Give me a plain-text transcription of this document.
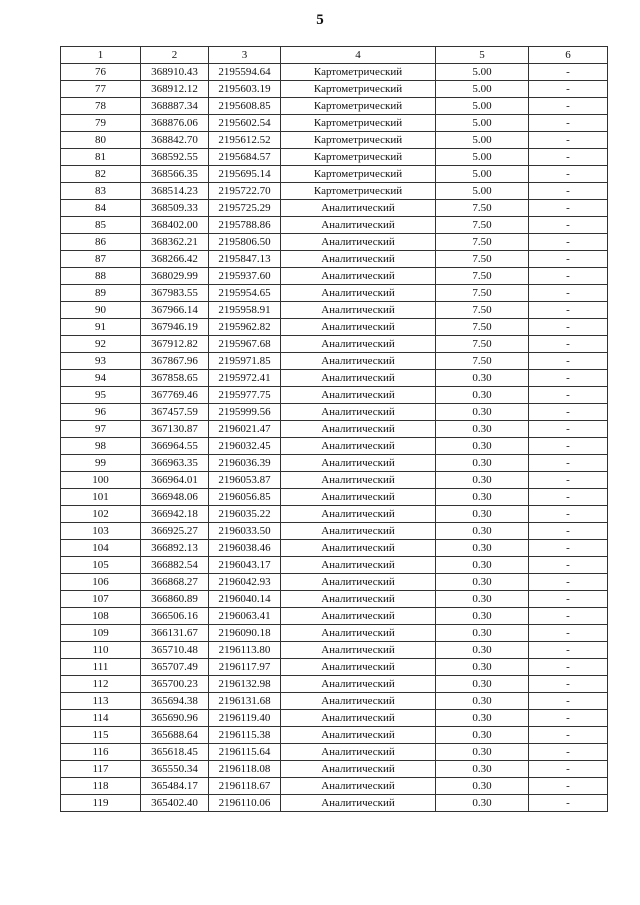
5
1	2	3	4	5	6
76	368910.43	2195594.64	Картометрический	5.00	-
77	368912.12	2195603.19	Картометрический	5.00	-
78	368887.34	2195608.85	Картометрический	5.00	-
79	368876.06	2195602.54	Картометрический	5.00	-
80	368842.70	2195612.52	Картометрический	5.00	-
81	368592.55	2195684.57	Картометрический	5.00	-
82	368566.35	2195695.14	Картометрический	5.00	-
83	368514.23	2195722.70	Картометрический	5.00	-
84	368509.33	2195725.29	Аналитический	7.50	-
85	368402.00	2195788.86	Аналитический	7.50	-
86	368362.21	2195806.50	Аналитический	7.50	-
87	368266.42	2195847.13	Аналитический	7.50	-
88	368029.99	2195937.60	Аналитический	7.50	-
89	367983.55	2195954.65	Аналитический	7.50	-
90	367966.14	2195958.91	Аналитический	7.50	-
91	367946.19	2195962.82	Аналитический	7.50	-
92	367912.82	2195967.68	Аналитический	7.50	-
93	367867.96	2195971.85	Аналитический	7.50	-
94	367858.65	2195972.41	Аналитический	0.30	-
95	367769.46	2195977.75	Аналитический	0.30	-
96	367457.59	2195999.56	Аналитический	0.30	-
97	367130.87	2196021.47	Аналитический	0.30	-
98	366964.55	2196032.45	Аналитический	0.30	-
99	366963.35	2196036.39	Аналитический	0.30	-
100	366964.01	2196053.87	Аналитический	0.30	-
101	366948.06	2196056.85	Аналитический	0.30	-
102	366942.18	2196035.22	Аналитический	0.30	-
103	366925.27	2196033.50	Аналитический	0.30	-
104	366892.13	2196038.46	Аналитический	0.30	-
105	366882.54	2196043.17	Аналитический	0.30	-
106	366868.27	2196042.93	Аналитический	0.30	-
107	366860.89	2196040.14	Аналитический	0.30	-
108	366506.16	2196063.41	Аналитический	0.30	-
109	366131.67	2196090.18	Аналитический	0.30	-
110	365710.48	2196113.80	Аналитический	0.30	-
111	365707.49	2196117.97	Аналитический	0.30	-
112	365700.23	2196132.98	Аналитический	0.30	-
113	365694.38	2196131.68	Аналитический	0.30	-
114	365690.96	2196119.40	Аналитический	0.30	-
115	365688.64	2196115.38	Аналитический	0.30	-
116	365618.45	2196115.64	Аналитический	0.30	-
117	365550.34	2196118.08	Аналитический	0.30	-
118	365484.17	2196118.67	Аналитический	0.30	-
119	365402.40	2196110.06	Аналитический	0.30	-
